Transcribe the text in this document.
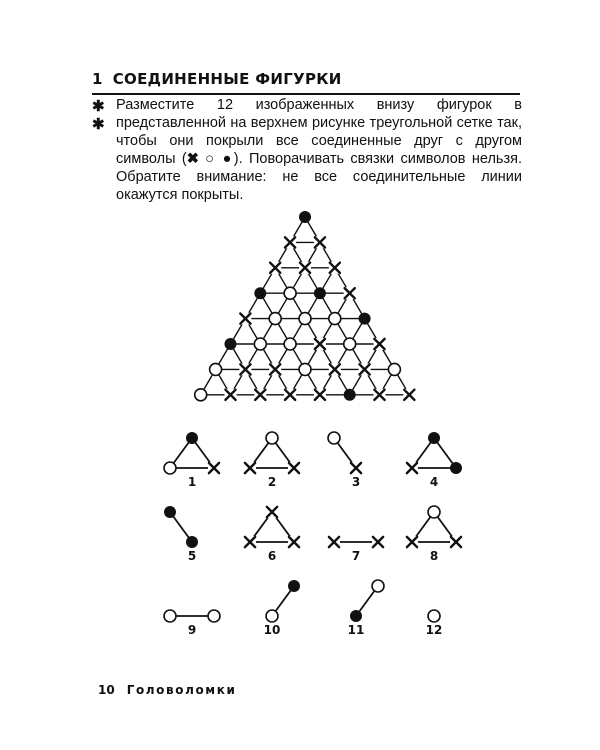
1 СОЕДИНЕННЫЕ ФИГУРКИ
✱
✱
Разместите 12 изображенных внизу фигурок в представленной на верхнем рисунке треугольной сетке так, чтобы они покрыли все соединенные друг с другом символы (✖ ○ ●). Поворачивать связки символов нельзя. Обратите внимание: не все соединительные линии окажутся покрыты.
1	2	3	4
5	6	7	8
9	10	11	12
10 Головоломки
